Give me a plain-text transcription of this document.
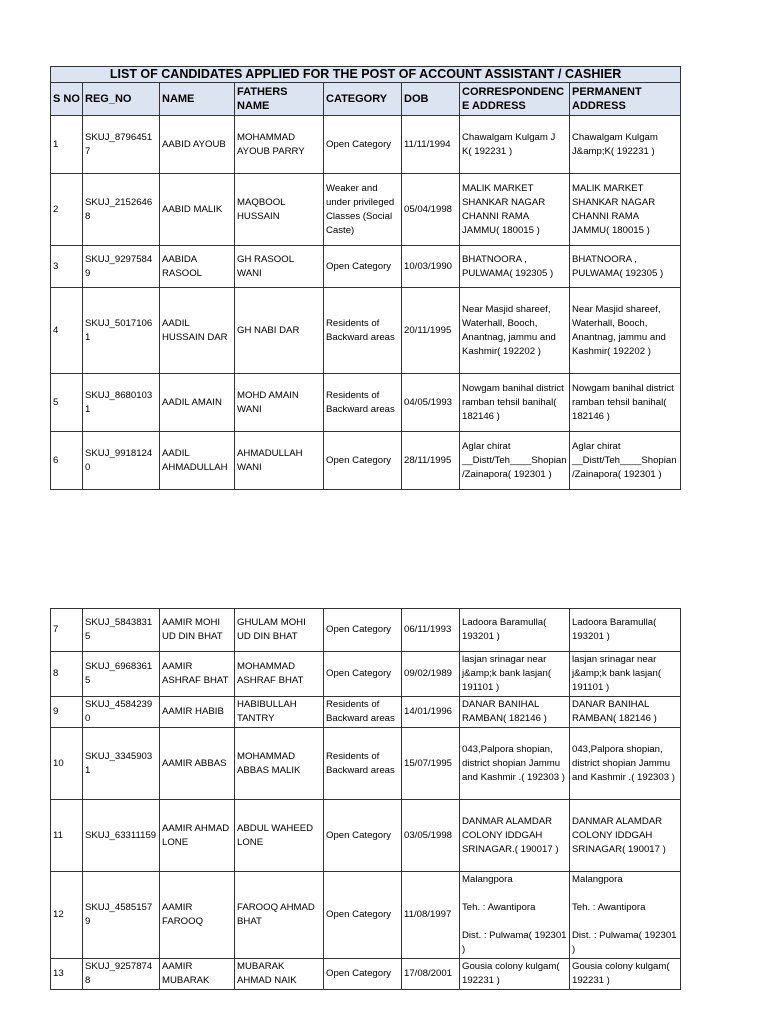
LIST OF CANDIDATES APPLIED FOR THE POST OF ACCOUNT ASSISTANT / CASHIER							
S NO	REG_NO	NAME	FATHERS NAME	CATEGORY	DOB	CORRESPONDENCE ADDRESS	PERMANENT ADDRESS
1	SKUJ_87964517	AABID AYOUB	MOHAMMAD AYOUB PARRY	Open Category	11/11/1994	Chawalgam Kulgam J K( 192231 )	Chawalgam Kulgam J&amp;K( 192231 )
2	SKUJ_21526468	AABID MALIK	MAQBOOL HUSSAIN	Weaker and under privileged Classes (Social Caste)	05/04/1998	MALIK MARKET SHANKAR NAGAR CHANNI RAMA JAMMU( 180015 )	MALIK MARKET SHANKAR NAGAR CHANNI RAMA JAMMU( 180015 )
3	SKUJ_92975849	AABIDA RASOOL	GH RASOOL WANI	Open Category	10/03/1990	BHATNOORA , PULWAMA( 192305 )	BHATNOORA , PULWAMA( 192305 )
4	SKUJ_50171061	AADIL HUSSAIN DAR	GH NABI DAR	Residents of Backward areas	20/11/1995	Near Masjid shareef, Waterhall, Booch, Anantnag, jammu and Kashmir( 192202 )	Near Masjid shareef, Waterhall, Booch, Anantnag, jammu and Kashmir( 192202 )
5	SKUJ_86801031	AADIL AMAIN	MOHD AMAIN WANI	Residents of Backward areas	04/05/1993	Nowgam banihal district ramban tehsil banihal( 182146 )	Nowgam banihal district ramban tehsil banihal( 182146 )
6	SKUJ_99181240	AADIL AHMADULLAH	AHMADULLAH WANI	Open Category	28/11/1995	Aglar chirat __Distt/Teh____Shopian/Zainapora( 192301 )	Aglar chirat __Distt/Teh____Shopian/Zainapora( 192301 )
7	SKUJ_58438315	AAMIR MOHI UD DIN BHAT	GHULAM MOHI UD DIN BHAT	Open Category	06/11/1993	Ladoora Baramulla( 193201 )	Ladoora Baramulla( 193201 )
8	SKUJ_69683615	AAMIR ASHRAF BHAT	MOHAMMAD ASHRAF BHAT	Open Category	09/02/1989	lasjan srinagar near j&amp;k bank lasjan( 191101 )	lasjan srinagar near j&amp;k bank lasjan( 191101 )
9	SKUJ_45842390	AAMIR HABIB	HABIBULLAH TANTRY	Residents of Backward areas	14/01/1996	DANAR BANIHAL RAMBAN( 182146 )	DANAR BANIHAL RAMBAN( 182146 )
10	SKUJ_33459031	AAMIR ABBAS	MOHAMMAD ABBAS MALIK	Residents of Backward areas	15/07/1995	043,Palpora shopian, district shopian Jammu and Kashmir .( 192303 )	043,Palpora shopian, district shopian Jammu and Kashmir .( 192303 )
11	SKUJ_63311159	AAMIR AHMAD LONE	ABDUL WAHEED LONE	Open Category	03/05/1998	DANMAR ALAMDAR COLONY IDDGAH SRINAGAR.( 190017 )	DANMAR ALAMDAR COLONY IDDGAH SRINAGAR( 190017 )
12	SKUJ_45851579	AAMIR FAROOQ	FAROOQ AHMAD BHAT	Open Category	11/08/1997	Malangpora

Teh. : Awantipora

Dist. : Pulwama( 192301 )	Malangpora

Teh. : Awantipora

Dist. : Pulwama( 192301 )
13	SKUJ_92578748	AAMIR MUBARAK	MUBARAK AHMAD NAIK	Open Category	17/08/2001	Gousia colony kulgam( 192231 )	Gousia colony kulgam( 192231 )
